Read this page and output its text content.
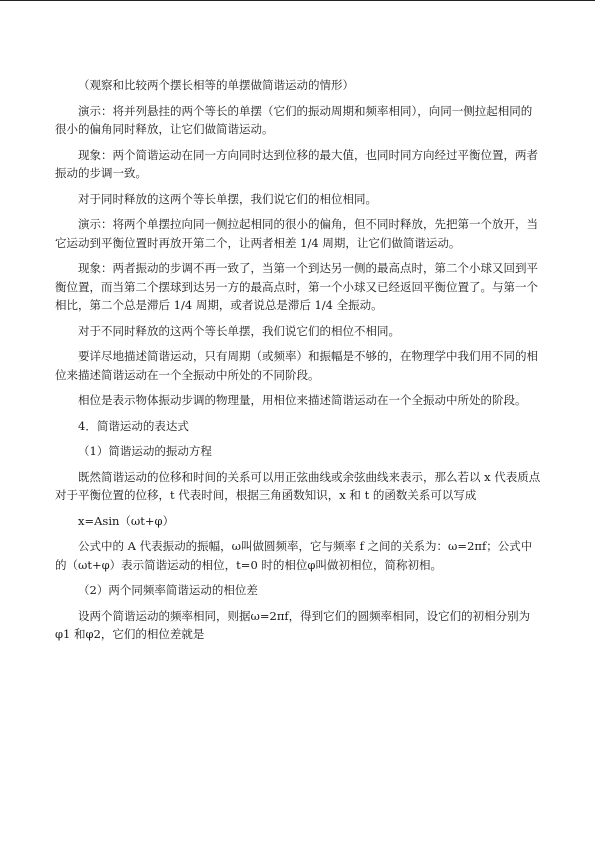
（观察和比较两个摆长相等的单摆做简谐运动的情形）

演示：将并列悬挂的两个等长的单摆（它们的振动周期和频率相同），向同一侧拉起相同的很小的偏角同时释放，让它们做简谐运动。

现象：两个简谐运动在同一方向同时达到位移的最大值，也同时同方向经过平衡位置，两者振动的步调一致。

对于同时释放的这两个等长单摆，我们说它们的相位相同。

演示：将两个单摆拉向同一侧拉起相同的很小的偏角，但不同时释放，先把第一个放开，当它运动到平衡位置时再放开第二个，让两者相差 1/4 周期，让它们做简谐运动。

现象：两者振动的步调不再一致了，当第一个到达另一侧的最高点时，第二个小球又回到平衡位置，而当第二个摆球到达另一方的最高点时，第一个小球又已经返回平衡位置了。与第一个相比，第二个总是滞后 1/4 周期，或者说总是滞后 1/4 全振动。

对于不同时释放的这两个等长单摆，我们说它们的相位不相同。

要详尽地描述简谐运动，只有周期（或频率）和振幅是不够的，在物理学中我们用不同的相位来描述简谐运动在一个全振动中所处的不同阶段。

相位是表示物体振动步调的物理量，用相位来描述简谐运动在一个全振动中所处的阶段。

4．简谐运动的表达式

（1）简谐运动的振动方程

既然简谐运动的位移和时间的关系可以用正弦曲线或余弦曲线来表示，那么若以 x 代表质点对于平衡位置的位移，t 代表时间，根据三角函数知识，x 和 t 的函数关系可以写成

x=Asin（ωt+φ）

公式中的 A 代表振动的振幅，ω叫做圆频率，它与频率 f 之间的关系为：ω=2πf；公式中的（ωt+φ）表示简谐运动的相位，t=0 时的相位φ叫做初相位，简称初相。

（2）两个同频率简谐运动的相位差

设两个简谐运动的频率相同，则据ω=2πf，得到它们的圆频率相同，设它们的初相分别为φ1 和φ2，它们的相位差就是
